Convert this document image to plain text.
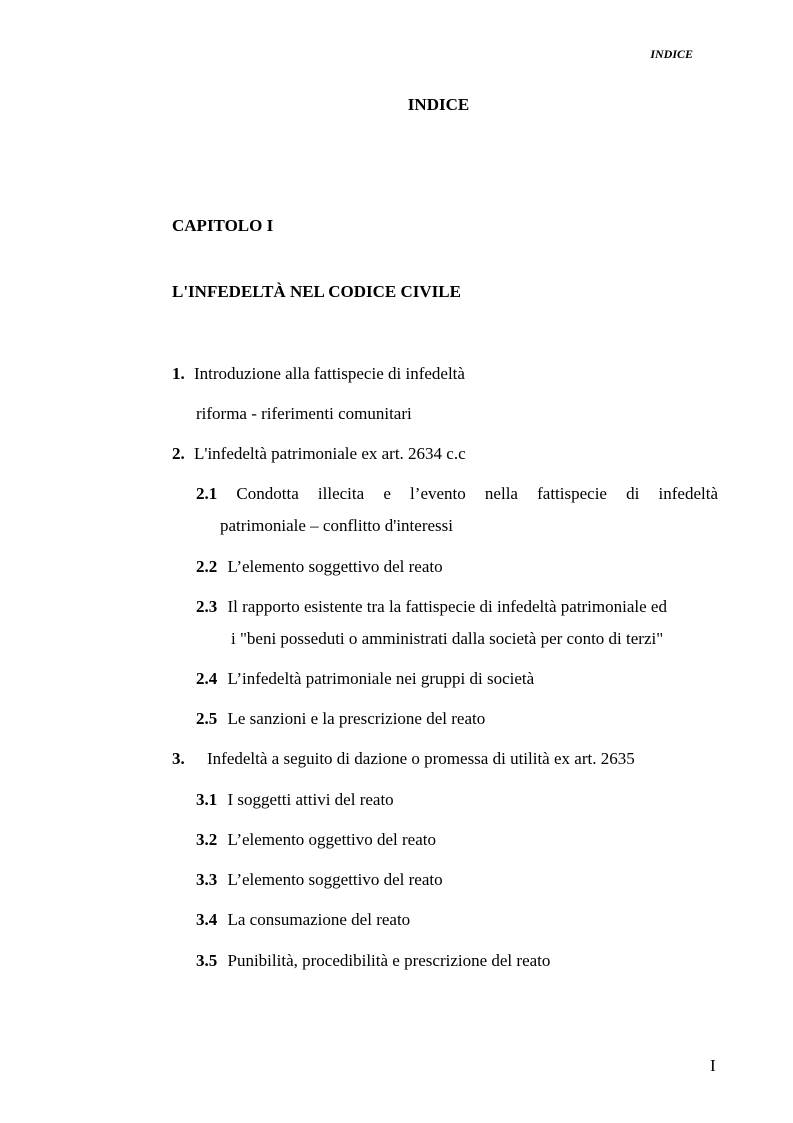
INDICE
INDICE
CAPITOLO I
L'INFEDELTÀ NEL CODICE CIVILE
1. Introduzione alla fattispecie di infedeltà
riforma - riferimenti comunitari
2. L'infedeltà patrimoniale ex art. 2634 c.c
2.1 Condotta illecita e l’evento nella fattispecie di infedeltà
patrimoniale – conflitto d'interessi
2.2 L’elemento soggettivo del reato
2.3 Il rapporto esistente tra la fattispecie di infedeltà patrimoniale ed
i "beni posseduti o amministrati dalla società per conto di terzi"
2.4 L’infedeltà patrimoniale nei gruppi di società
2.5 Le sanzioni e la prescrizione del reato
3. Infedeltà a seguito di dazione o promessa di utilità ex art. 2635
3.1 I soggetti attivi del reato
3.2 L’elemento oggettivo del reato
3.3 L’elemento soggettivo del reato
3.4 La consumazione del reato
3.5 Punibilità, procedibilità e prescrizione del reato
I
